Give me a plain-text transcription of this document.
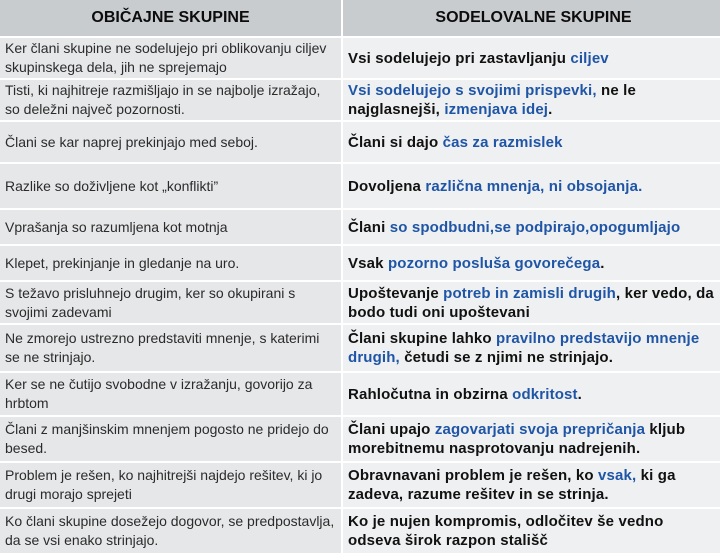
OBIČAJNE SKUPINE	SODELOVALNE SKUPINE
Ker člani skupine ne sodelujejo pri oblikovanju ciljev skupinskega dela, jih ne sprejemajo	Vsi sodelujejo pri zastavljanju ciljev
Tisti, ki najhitreje razmišljajo in se najbolje izražajo, so deležni največ pozornosti.	Vsi sodelujejo s svojimi prispevki, ne le najglasnejši, izmenjava idej.
Člani se kar naprej prekinjajo med seboj.	Člani si dajo čas za razmislek
Razlike so doživljene kot „konflikti”	Dovoljena različna mnenja, ni obsojanja.
Vprašanja so razumljena kot motnja	Člani so spodbudni,se podpirajo,opogumljajo
Klepet, prekinjanje in gledanje na uro.	Vsak pozorno posluša govorečega.
S težavo prisluhnejo drugim, ker so okupirani s svojimi zadevami	Upoštevanje potreb in zamisli drugih, ker vedo, da bodo tudi oni upoštevani
Ne zmorejo ustrezno predstaviti mnenje, s katerimi se ne strinjajo.	Člani skupine lahko pravilno predstavijo mnenje drugih, četudi se z njimi ne strinjajo.
Ker se ne čutijo svobodne v izražanju, govorijo za hrbtom	Rahločutna in obzirna odkritost.
Člani z manjšinskim mnenjem pogosto ne pridejo do besed.	Člani upajo zagovarjati svoja prepričanja kljub morebitnemu nasprotovanju nadrejenih.
Problem je rešen, ko najhitrejši najdejo rešitev, ki jo drugi morajo sprejeti	Obravnavani problem je rešen, ko vsak, ki ga zadeva, razume rešitev in se strinja.
Ko člani skupine dosežejo dogovor, se predpostavlja, da se vsi enako strinjajo.	Ko je nujen kompromis, odločitev še vedno odseva širok razpon stališč
